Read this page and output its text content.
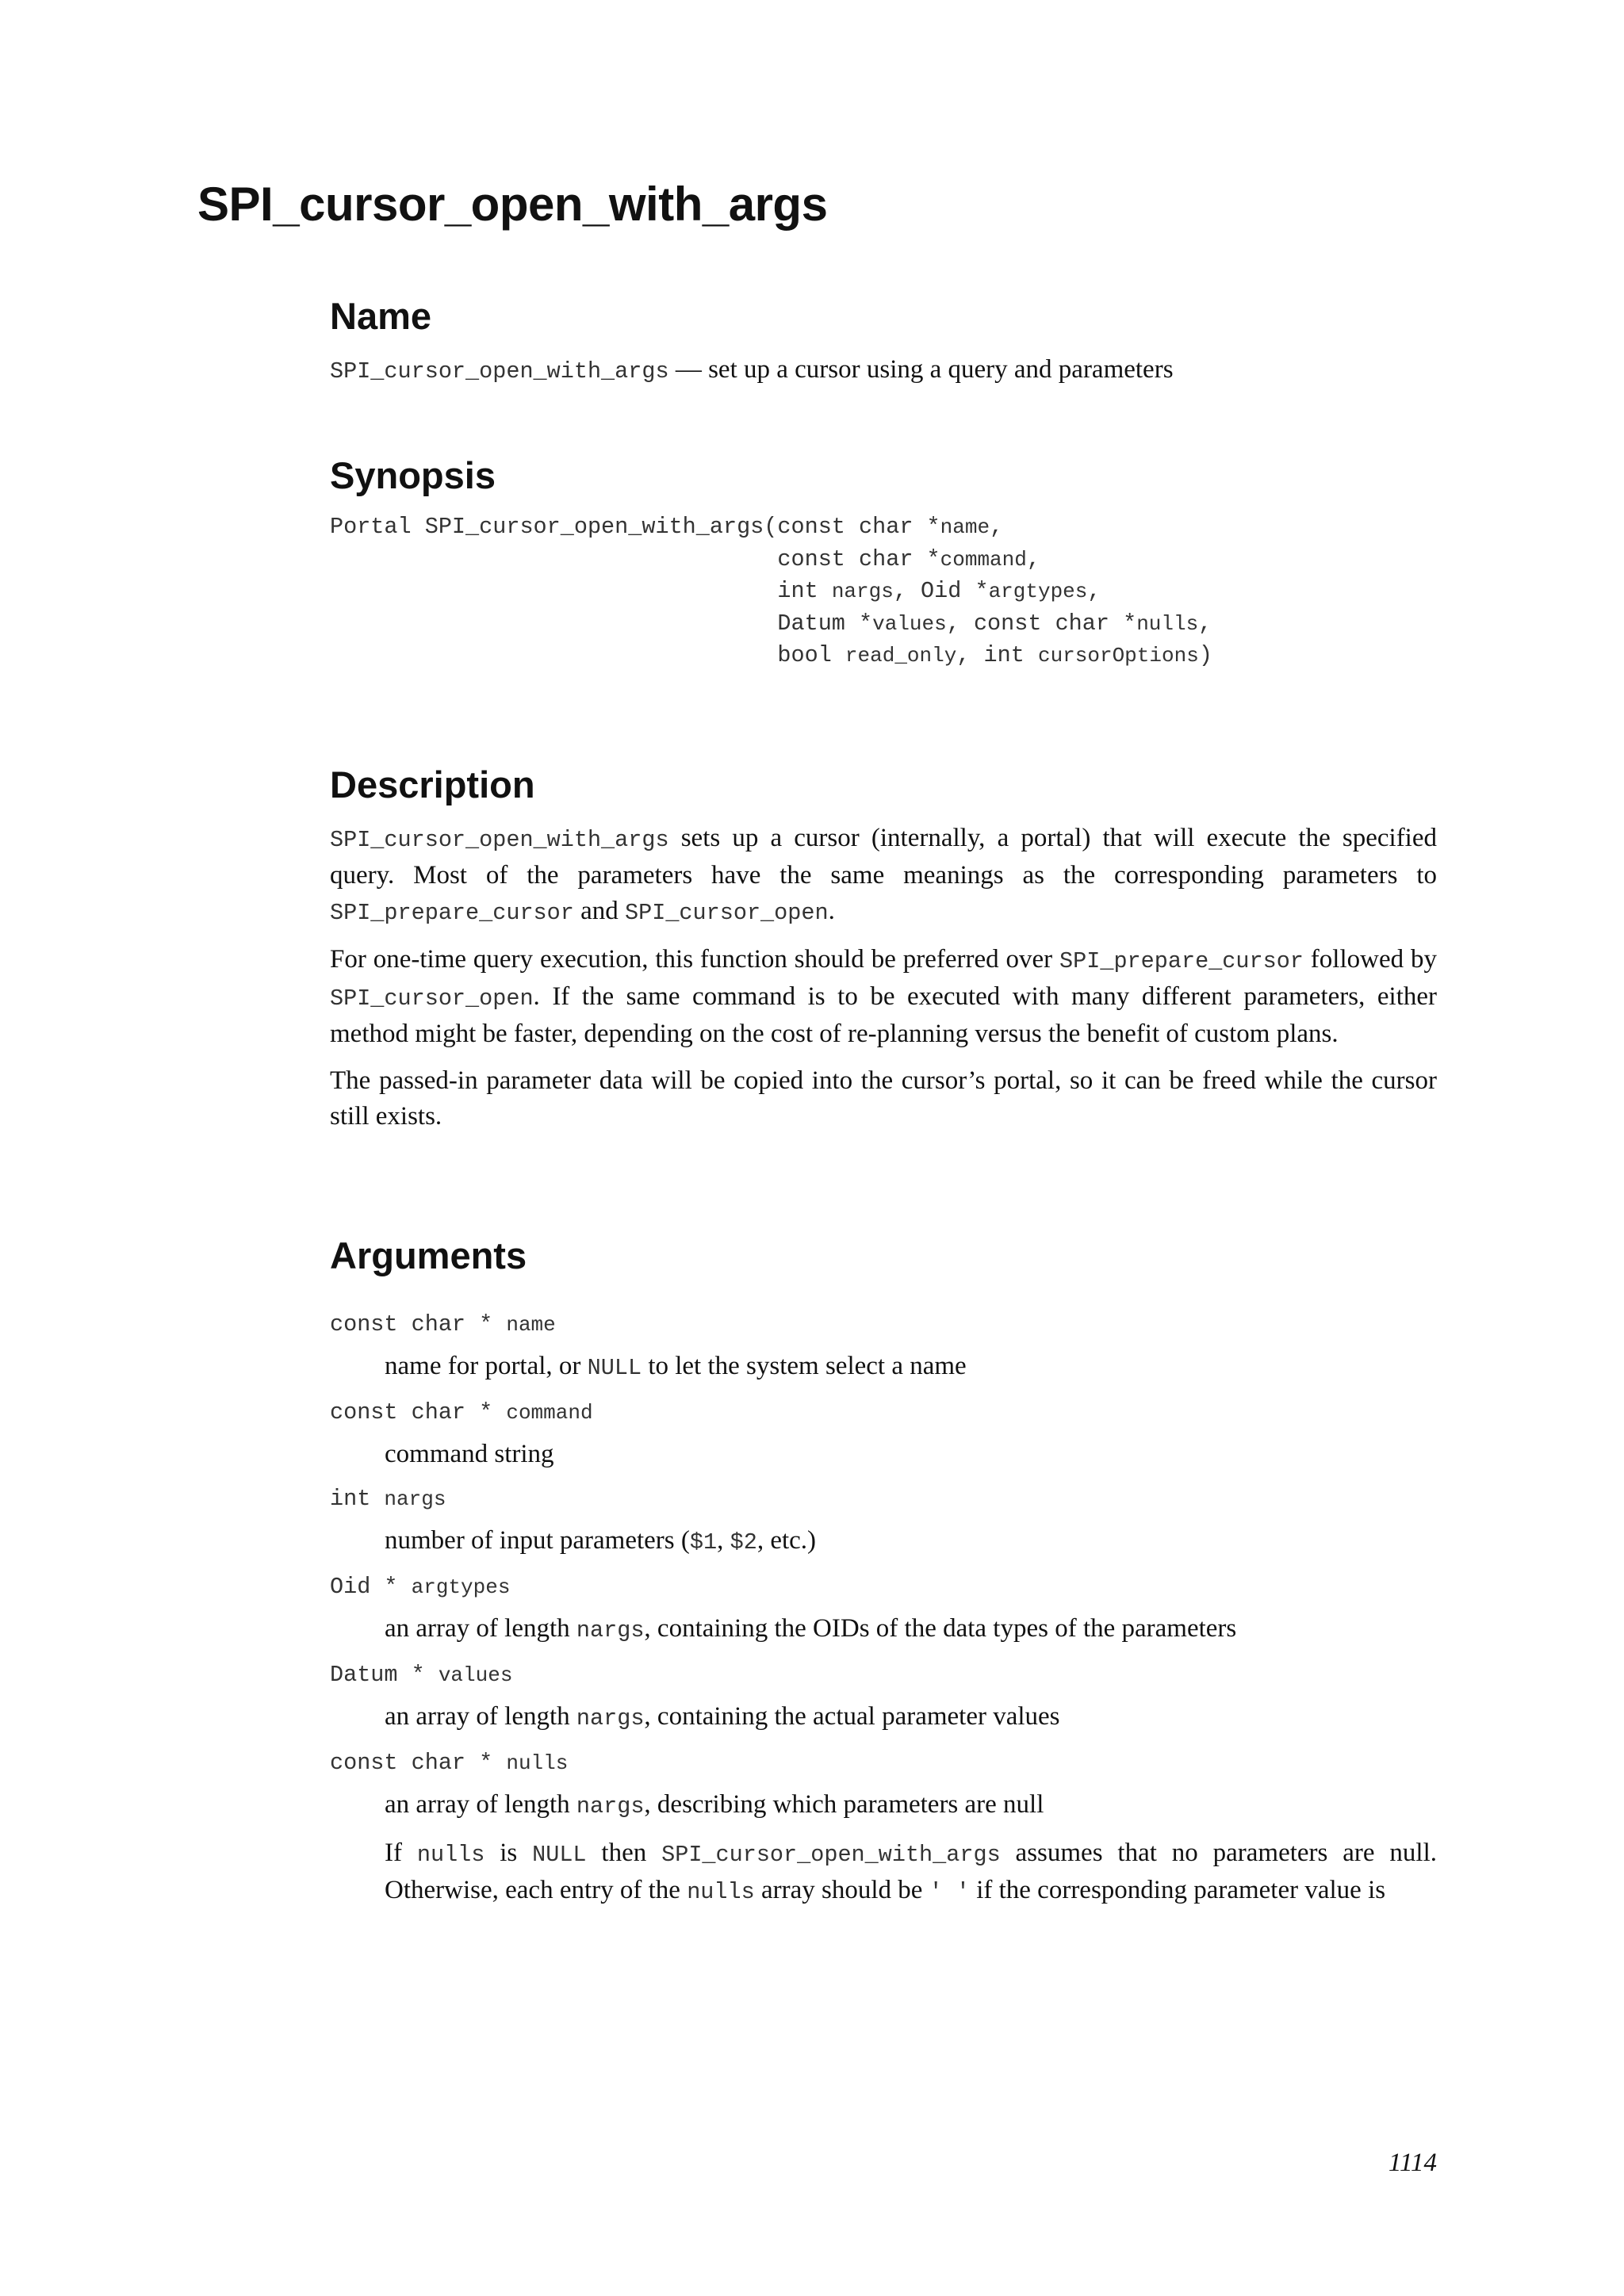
SPI_cursor_open_with_args
Name

SPI_cursor_open_with_args — set up a cursor using a query and parameters

Synopsis
Portal SPI_cursor_open_with_args(const char *name,
const char *command,
int nargs, Oid *argtypes,
Datum *values, const char *nulls,
bool read_only, int cursorOptions)
Description

SPI_cursor_open_with_args sets up a cursor (internally, a portal) that will execute the specified query. Most of the parameters have the same meanings as the corresponding parameters to SPI_prepare_cursor and SPI_cursor_open.

For one-time query execution, this function should be preferred over SPI_prepare_cursor followed by SPI_cursor_open. If the same command is to be executed with many different parameters, either method might be faster, depending on the cost of re-planning versus the benefit of custom plans.

The passed-in parameter data will be copied into the cursor’s portal, so it can be freed while the cursor still exists.

Arguments
const char * name
name for portal, or NULL to let the system select a name
const char * command
command string
int nargs
number of input parameters ($1, $2, etc.)
Oid * argtypes
an array of length nargs, containing the OIDs of the data types of the parameters
Datum * values
an array of length nargs, containing the actual parameter values
const char * nulls

an array of length nargs, describing which parameters are null

If nulls is NULL then SPI_cursor_open_with_args assumes that no parameters are null. Otherwise, each entry of the nulls array should be ' ' if the corresponding parameter value is

1114
